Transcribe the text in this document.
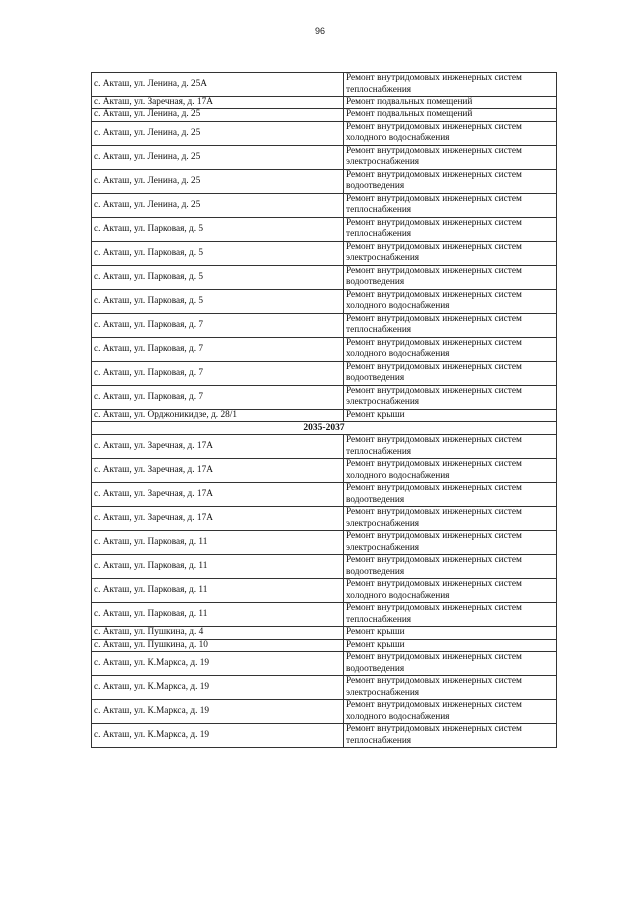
96
с. Акташ, ул. Ленина, д. 25А	Ремонт внутридомовых инженерных систем
теплоснабжения

с. Акташ, ул. Заречная, д. 17А	Ремонт подвальных помещений

с. Акташ, ул. Ленина, д. 25	Ремонт подвальных помещений

с. Акташ, ул. Ленина, д. 25	Ремонт внутридомовых инженерных систем
холодного водоснабжения

с. Акташ, ул. Ленина, д. 25	Ремонт внутридомовых инженерных систем
электроснабжения

с. Акташ, ул. Ленина, д. 25	Ремонт внутридомовых инженерных систем
водоотведения

с. Акташ, ул. Ленина, д. 25	Ремонт внутридомовых инженерных систем
теплоснабжения

с. Акташ, ул. Парковая, д. 5	Ремонт внутридомовых инженерных систем
теплоснабжения

с. Акташ, ул. Парковая, д. 5	Ремонт внутридомовых инженерных систем
электроснабжения

с. Акташ, ул. Парковая, д. 5	Ремонт внутридомовых инженерных систем
водоотведения

с. Акташ, ул. Парковая, д. 5	Ремонт внутридомовых инженерных систем
холодного водоснабжения

с. Акташ, ул. Парковая, д. 7	Ремонт внутридомовых инженерных систем
теплоснабжения

с. Акташ, ул. Парковая, д. 7	Ремонт внутридомовых инженерных систем
холодного водоснабжения

с. Акташ, ул. Парковая, д. 7	Ремонт внутридомовых инженерных систем
водоотведения

с. Акташ, ул. Парковая, д. 7	Ремонт внутридомовых инженерных систем
электроснабжения

с. Акташ, ул. Орджоникидзе, д. 28/1	Ремонт крыши

2035-2037	
с. Акташ, ул. Заречная, д. 17А	Ремонт внутридомовых инженерных систем
теплоснабжения

с. Акташ, ул. Заречная, д. 17А	Ремонт внутридомовых инженерных систем
холодного водоснабжения

с. Акташ, ул. Заречная, д. 17А	Ремонт внутридомовых инженерных систем
водоотведения

с. Акташ, ул. Заречная, д. 17А	Ремонт внутридомовых инженерных систем
электроснабжения

с. Акташ, ул. Парковая, д. 11	Ремонт внутридомовых инженерных систем
электроснабжения

с. Акташ, ул. Парковая, д. 11	Ремонт внутридомовых инженерных систем
водоотведения

с. Акташ, ул. Парковая, д. 11	Ремонт внутридомовых инженерных систем
холодного водоснабжения

с. Акташ, ул. Парковая, д. 11	Ремонт внутридомовых инженерных систем
теплоснабжения

с. Акташ, ул. Пушкина, д. 4	Ремонт крыши

с. Акташ, ул. Пушкина, д. 10	Ремонт крыши

с. Акташ, ул. К.Маркса, д. 19	Ремонт внутридомовых инженерных систем
водоотведения

с. Акташ, ул. К.Маркса, д. 19	Ремонт внутридомовых инженерных систем
электроснабжения

с. Акташ, ул. К.Маркса, д. 19	Ремонт внутридомовых инженерных систем
холодного водоснабжения

с. Акташ, ул. К.Маркса, д. 19	Ремонт внутридомовых инженерных систем
теплоснабжения
